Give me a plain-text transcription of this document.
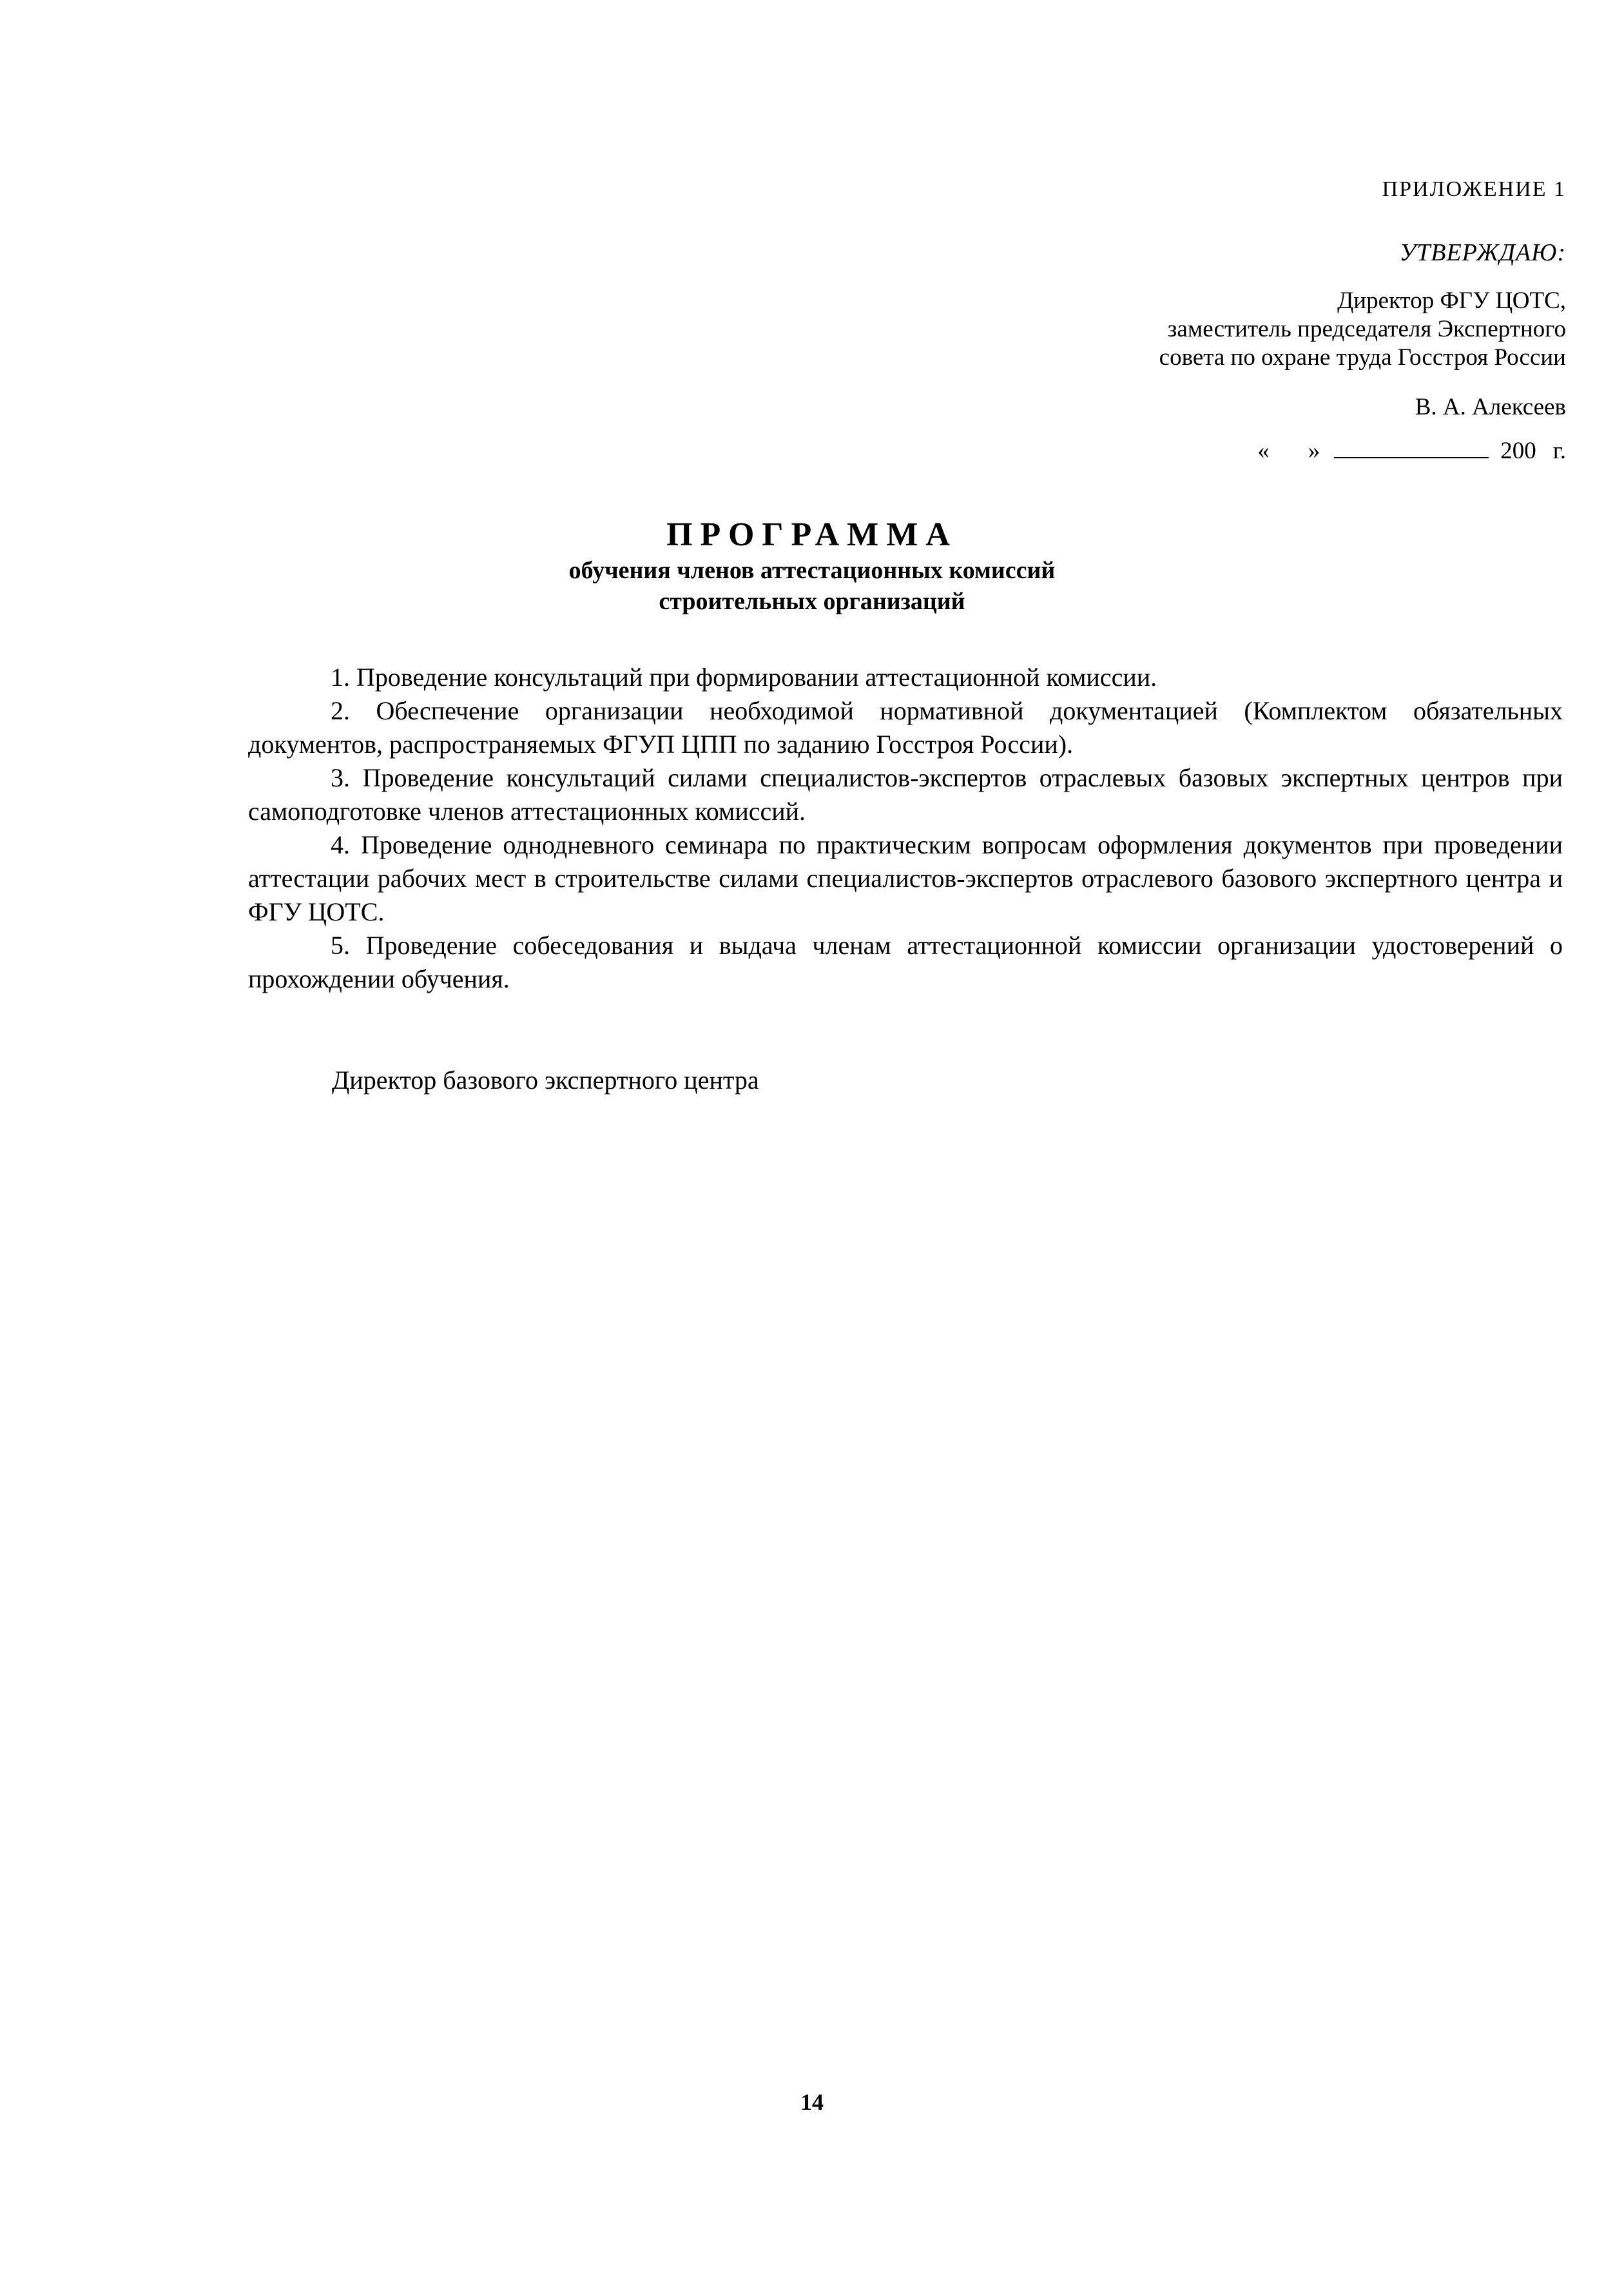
ПРИЛОЖЕНИЕ 1
УТВЕРЖДАЮ:
Директор ФГУ ЦОТС,
заместитель председателя Экспертного
совета по охране труда Госстроя России
В. А. Алексеев
« »	200 г.
ПРОГРАММА
обучения членов аттестационных комиссий
строительных организаций

1. Проведение консультаций при формировании аттестационной комиссии.

2. Обеспечение организации необходимой нормативной документацией (Комплектом обязательных документов, распространяемых ФГУП ЦПП по заданию Госстроя России).

3. Проведение консультаций силами специалистов-экспертов отраслевых базовых экспертных центров при самоподготовке членов аттестационных комиссий.

4. Проведение однодневного семинара по практическим вопросам оформления документов при проведении аттестации рабочих мест в строительстве силами специалистов-экспертов отраслевого базового экспертного центра и ФГУ ЦОТС.

5. Проведение собеседования и выдача членам аттестационной комиссии организации удостоверений о прохождении обучения.

Директор базового экспертного центра
14
